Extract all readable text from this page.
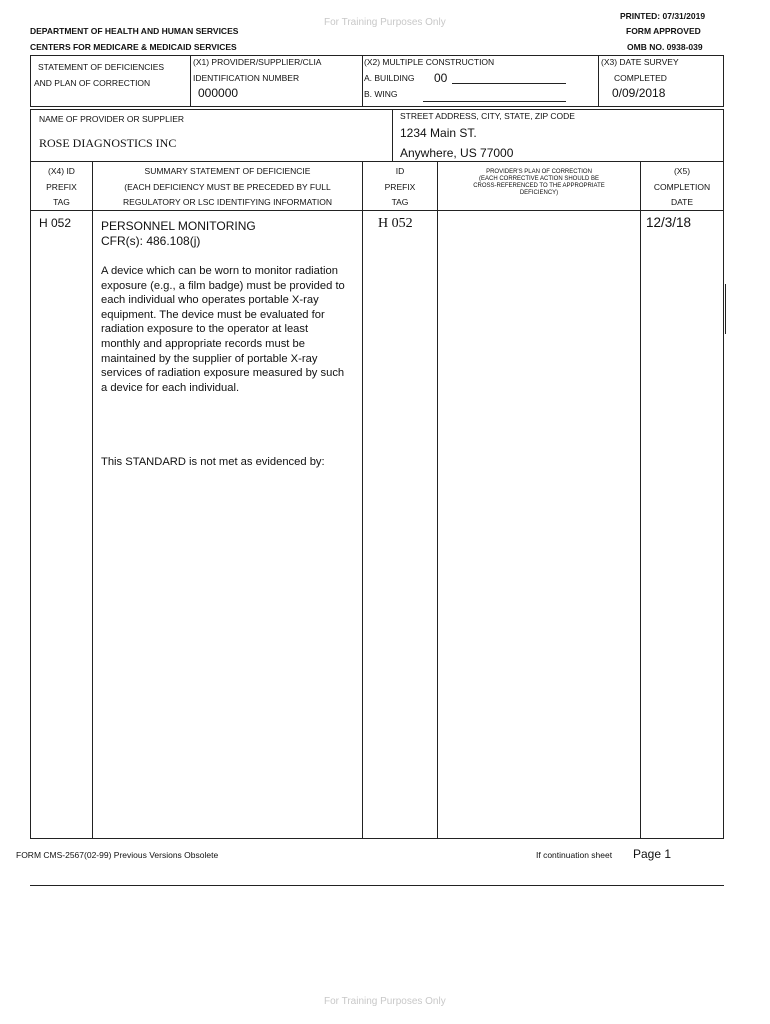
For Training Purposes Only
For Training Purposes Only
DEPARTMENT OF HEALTH AND HUMAN SERVICES
CENTERS FOR MEDICARE & MEDICAID SERVICES
PRINTED: 07/31/2019
FORM APPROVED
OMB NO. 0938-039
STATEMENT OF DEFICIENCIES
AND PLAN OF CORRECTION
(X1) PROVIDER/SUPPLIER/CLIA
IDENTIFICATION NUMBER
000000
(X2) MULTIPLE CONSTRUCTION
A. BUILDING 00
B. WING
(X3) DATE SURVEY
COMPLETED
0/09/2018
NAME OF PROVIDER OR SUPPLIER
ROSE DIAGNOSTICS INC
STREET ADDRESS, CITY, STATE, ZIP CODE
1234 Main ST.
Anywhere, US 77000
(X4) ID
PREFIX
TAG
SUMMARY STATEMENT OF DEFICIENCIE
(EACH DEFICIENCY MUST BE PRECEDED BY FULL
REGULATORY OR LSC IDENTIFYING INFORMATION
ID
PREFIX
TAG
PROVIDER'S PLAN OF CORRECTION
(EACH CORRECTIVE ACTION SHOULD BE
CROSS-REFERENCED TO THE APPROPRIATE
DEFICIENCY)
(X5)
COMPLETION
DATE
H 052 PERSONNEL MONITORING
CFR(s): 486.108(j)
A device which can be worn to monitor radiation
exposure (e.g., a film badge) must be provided to
each individual who operates portable X-ray
equipment. The device must be evaluated for
radiation exposure to the operator at least
monthly and appropriate records must be
maintained by the supplier of portable X-ray
services of radiation exposure measured by such
a device for each individual.
This STANDARD is not met as evidenced by:
H 052	12/3/18
FORM CMS-2567(02-99) Previous Versions Obsolete	If continuation sheet Page 1
